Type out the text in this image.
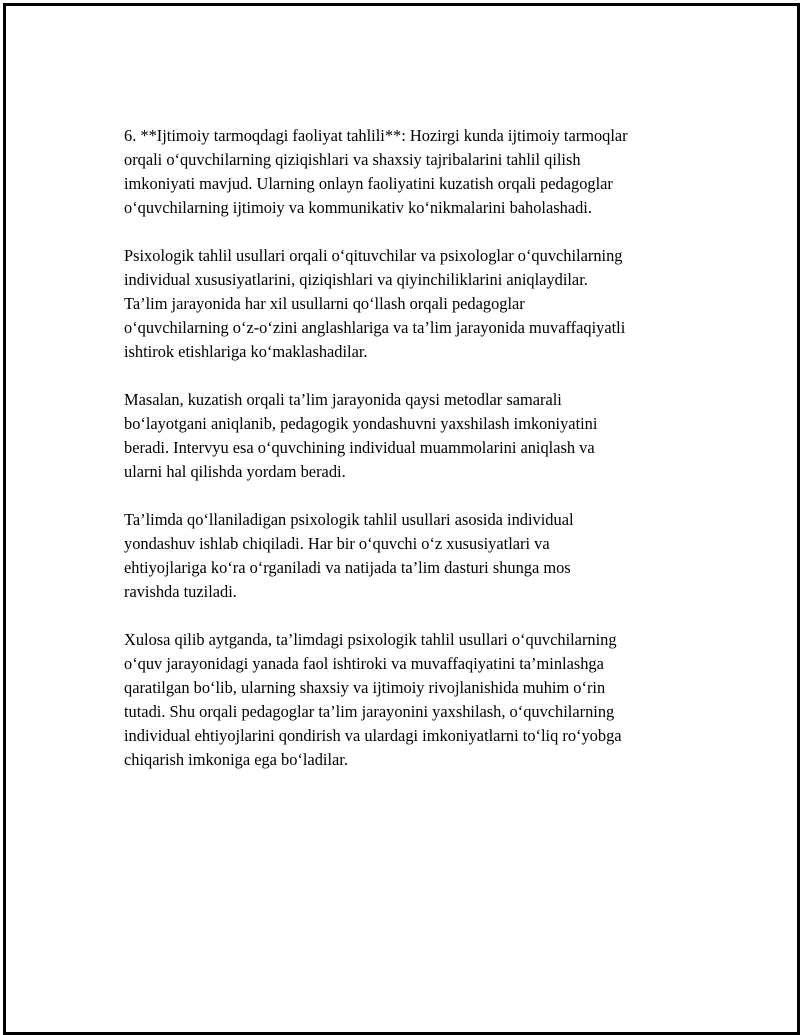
6. **Ijtimoiy tarmoqdagi faoliyat tahlili**: Hozirgi kunda ijtimoiy tarmoqlar
orqali o‘quvchilarning qiziqishlari va shaxsiy tajribalarini tahlil qilish
imkoniyati mavjud. Ularning onlayn faoliyatini kuzatish orqali pedagoglar
o‘quvchilarning ijtimoiy va kommunikativ ko‘nikmalarini baholashadi.

Psixologik tahlil usullari orqali o‘qituvchilar va psixologlar o‘quvchilarning
individual xususiyatlarini, qiziqishlari va qiyinchiliklarini aniqlaydilar.
Ta’lim jarayonida har xil usullarni qo‘llash orqali pedagoglar
o‘quvchilarning o‘z-o‘zini anglashlariga va ta’lim jarayonida muvaffaqiyatli
ishtirok etishlariga ko‘maklashadilar.

Masalan, kuzatish orqali ta’lim jarayonida qaysi metodlar samarali
bo‘layotgani aniqlanib, pedagogik yondashuvni yaxshilash imkoniyatini
beradi. Intervyu esa o‘quvchining individual muammolarini aniqlash va
ularni hal qilishda yordam beradi.

Ta’limda qo‘llaniladigan psixologik tahlil usullari asosida individual
yondashuv ishlab chiqiladi. Har bir o‘quvchi o‘z xususiyatlari va
ehtiyojlariga ko‘ra o‘rganiladi va natijada ta’lim dasturi shunga mos
ravishda tuziladi.

Xulosa qilib aytganda, ta’limdagi psixologik tahlil usullari o‘quvchilarning
o‘quv jarayonidagi yanada faol ishtiroki va muvaffaqiyatini ta’minlashga
qaratilgan bo‘lib, ularning shaxsiy va ijtimoiy rivojlanishida muhim o‘rin
tutadi. Shu orqali pedagoglar ta’lim jarayonini yaxshilash, o‘quvchilarning
individual ehtiyojlarini qondirish va ulardagi imkoniyatlarni to‘liq ro‘yobga
chiqarish imkoniga ega bo‘ladilar.
